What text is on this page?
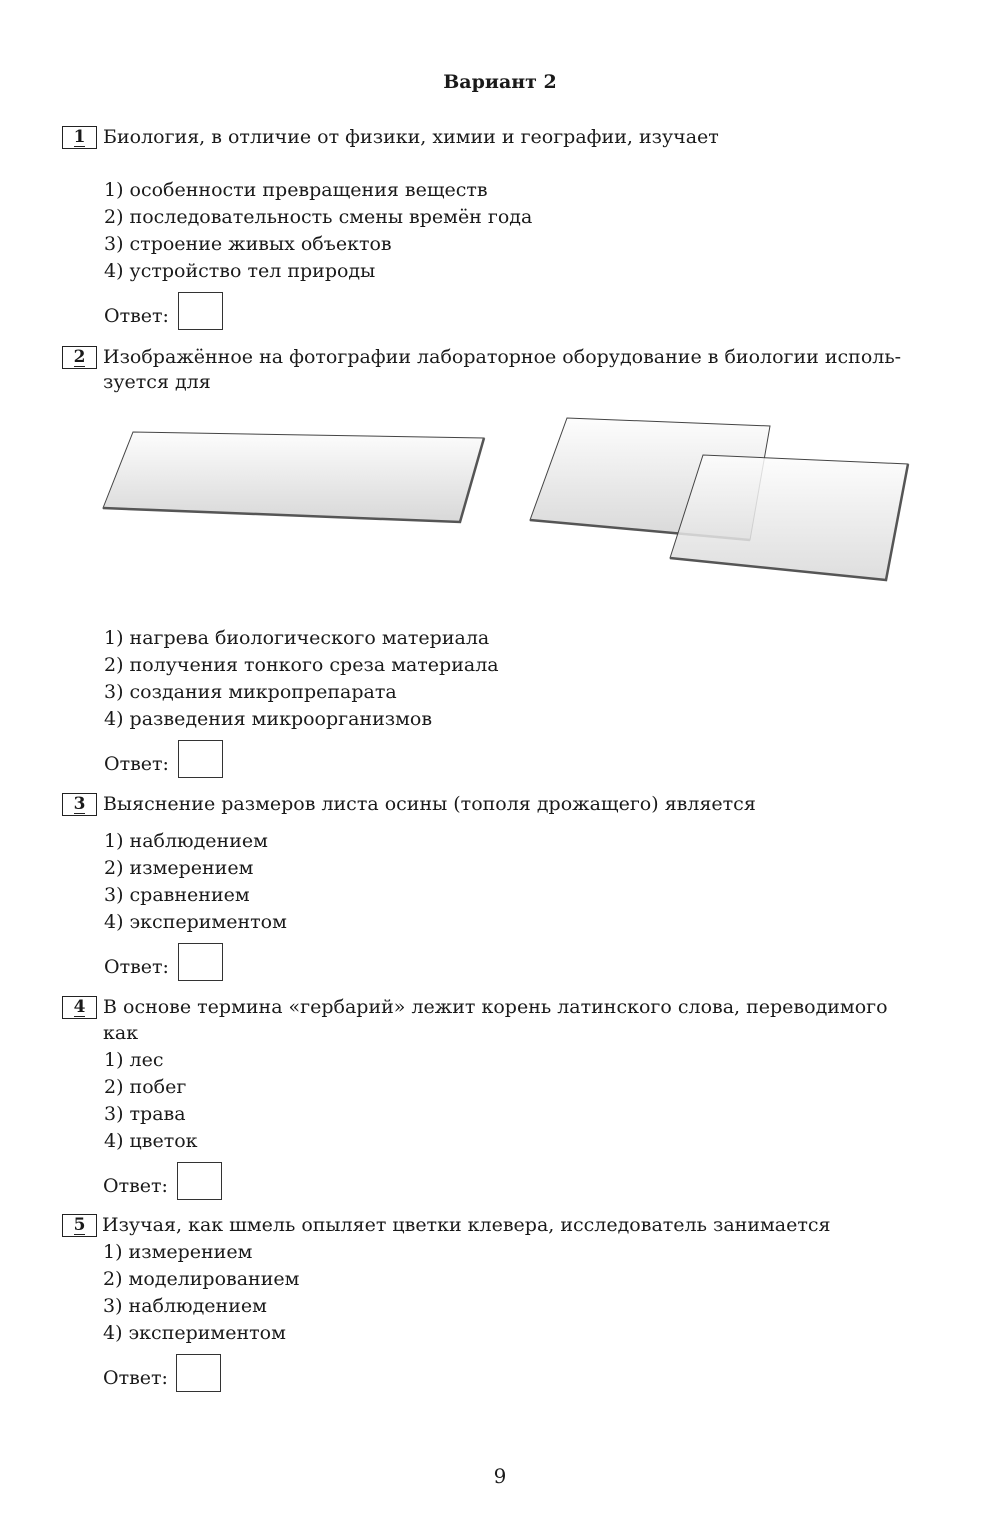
Вариант 2
1 Биология, в отличие от физики, химии и географии, изучает
1) особенности превращения веществ
2) последовательность смены времён года
3) строение живых объектов
4) устройство тел природы
Ответ:
2 Изображённое на фотографии лабораторное оборудование в биологии исполь-
зуется для
1) нагрева биологического материала
2) получения тонкого среза материала
3) создания микропрепарата
4) разведения микроорганизмов
Ответ:
3 Выяснение размеров листа осины (тополя дрожащего) является
1) наблюдением
2) измерением
3) сравнением
4) экспериментом
Ответ:
4 В основе термина «гербарий» лежит корень латинского слова, переводимого
как
1) лес
2) побег
3) трава
4) цветок
Ответ:
5 Изучая, как шмель опыляет цветки клевера, исследователь занимается
1) измерением
2) моделированием
3) наблюдением
4) экспериментом
Ответ:
9
